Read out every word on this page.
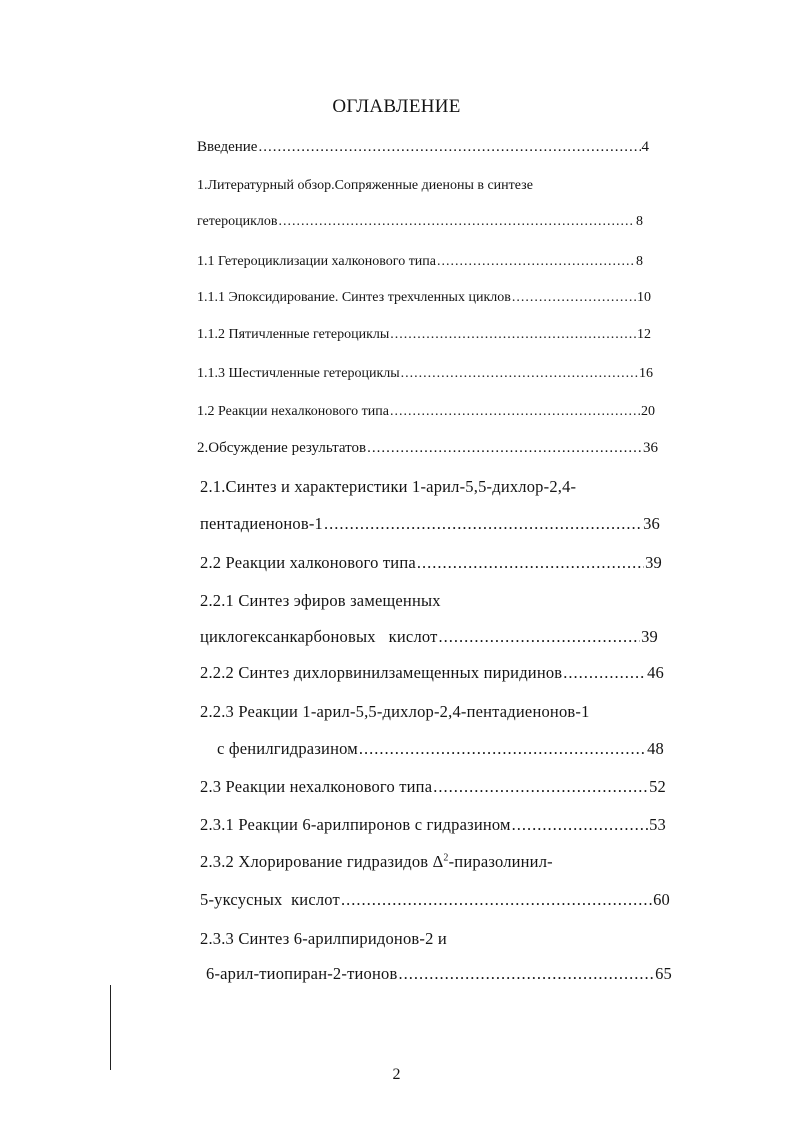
ОГЛАВЛЕНИЕ
Введение .....	4
1.Литературный обзор.Сопряженные диеноны в синтезе
гетероциклов .....	8
1.1 Гетероциклизации халконового типа .....	8
1.1.1 Эпоксидирование. Синтез трехчленных циклов .....	10
1.1.2 Пятичленные гетероциклы .....	12
1.1.3 Шестичленные гетероциклы .....	16
1.2 Реакции нехалконового типа .....	20
2.Обсуждение результатов .....	36
2.1.Синтез и характеристики 1-арил-5,5-дихлор-2,4-
пентадиенонов-1 .....	36
2.2 Реакции халконового типа .....	39
2.2.1 Синтез эфиров замещенных
циклогексанкарбоновых   кислот .....	39
2.2.2 Синтез дихлорвинилзамещенных пиридинов .....	46
2.2.3 Реакции 1-арил-5,5-дихлор-2,4-пентадиенонов-1
с фенилгидразином .....	48
2.3 Реакции нехалконового типа .....	52
2.3.1 Реакции 6-арилпиронов с гидразином .....	53
2.3.2 Хлорирование гидразидов $\Delta^2-пиразолинил-$
5-уксусных  кислот .....	60
2.3.3 Синтез 6-арилпиридонов-2 и
6-арил-тиопиран-2-тионов .....	65
2
